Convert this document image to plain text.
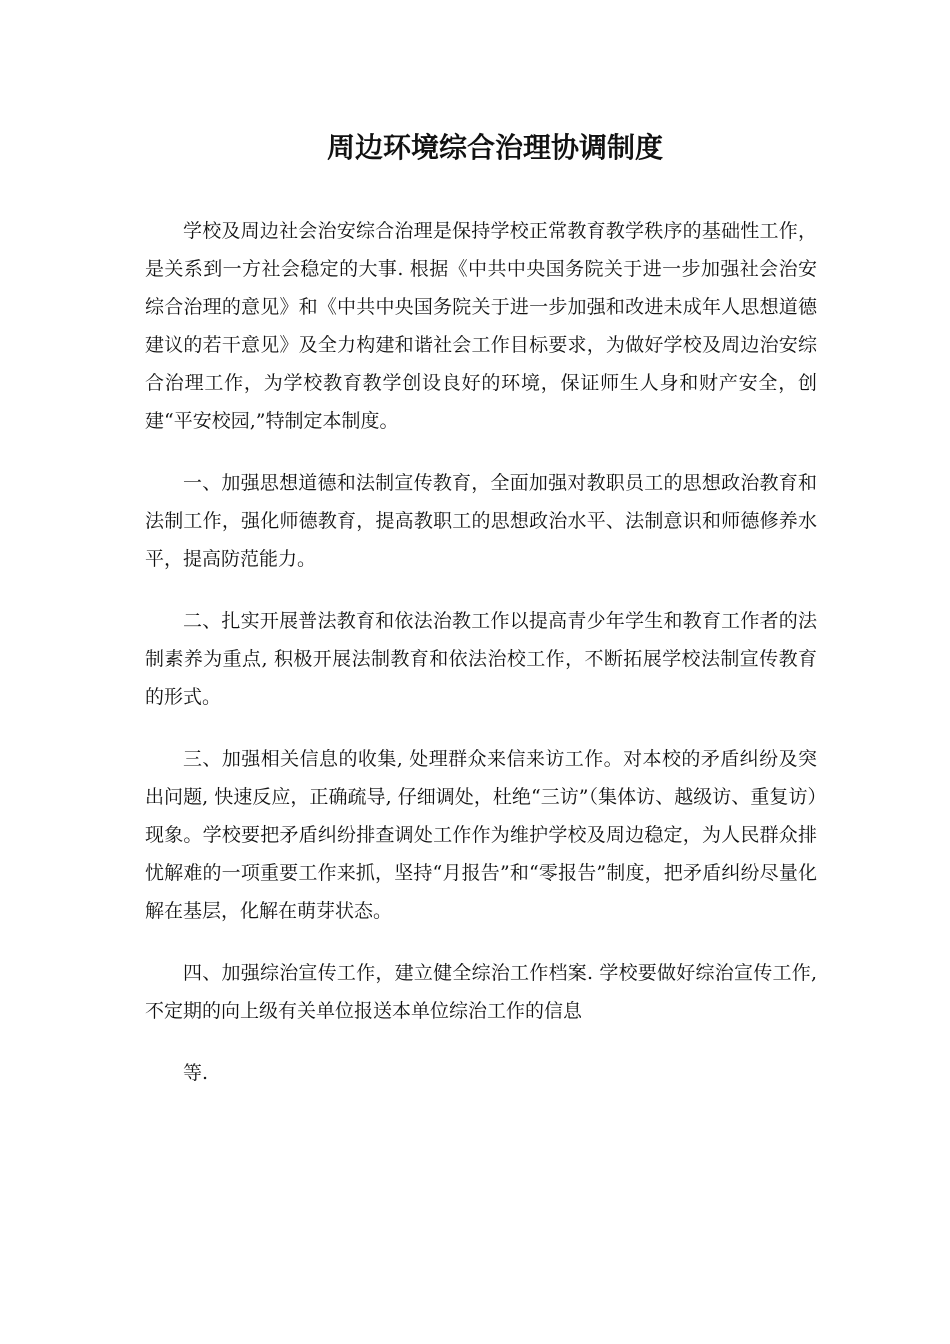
周边环境综合治理协调制度

学校及周边社会治安综合治理是保持学校正常教育教学秩序的基础性工作，是关系到一方社会稳定的大事. 根据《中共中央国务院关于进一步加强社会治安综合治理的意见》和《中共中央国务院关于进一步加强和改进未成年人思想道德建议的若干意见》及全力构建和谐社会工作目标要求，为做好学校及周边治安综合治理工作，为学校教育教学创设良好的环境，保证师生人身和财产安全，创建“平安校园,”特制定本制度。

一、加强思想道德和法制宣传教育，全面加强对教职员工的思想政治教育和法制工作，强化师德教育，提高教职工的思想政治水平、法制意识和师德修养水平，提高防范能力。

二、扎实开展普法教育和依法治教工作以提高青少年学生和教育工作者的法制素养为重点, 积极开展法制教育和依法治校工作，不断拓展学校法制宣传教育的形式。

三、加强相关信息的收集, 处理群众来信来访工作。对本校的矛盾纠纷及突出问题, 快速反应，正确疏导, 仔细调处，杜绝“三访”（集体访、越级访、重复访）现象。学校要把矛盾纠纷排查调处工作作为维护学校及周边稳定，为人民群众排忧解难的一项重要工作来抓，坚持“月报告”和“零报告”制度，把矛盾纠纷尽量化解在基层，化解在萌芽状态。

四、加强综治宣传工作，建立健全综治工作档案. 学校要做好综治宣传工作, 不定期的向上级有关单位报送本单位综治工作的信息

等.
